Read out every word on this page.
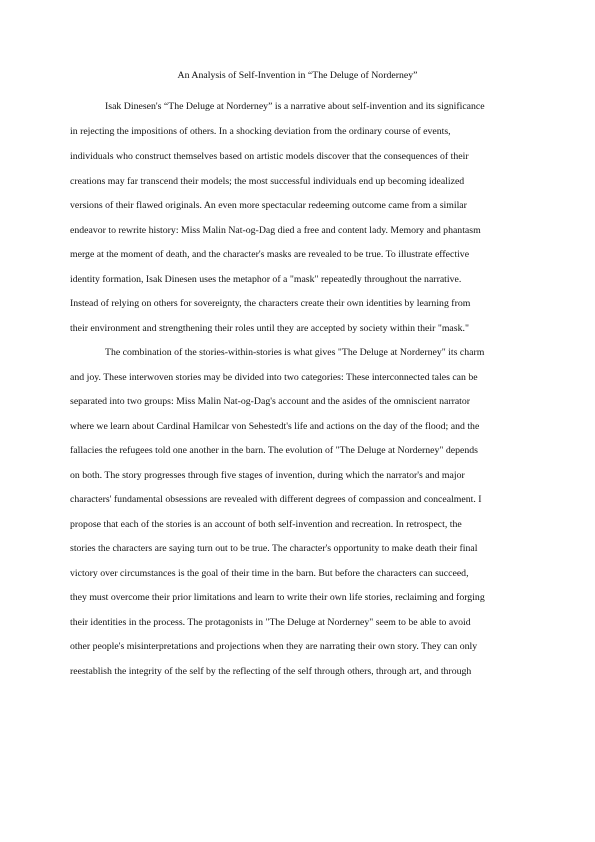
An Analysis of Self-Invention in “The Deluge of Norderney”
Isak Dinesen's “The Deluge at Norderney” is a narrative about self-invention and its significance
in rejecting the impositions of others. In a shocking deviation from the ordinary course of events,
individuals who construct themselves based on artistic models discover that the consequences of their
creations may far transcend their models; the most successful individuals end up becoming idealized
versions of their flawed originals. An even more spectacular redeeming outcome came from a similar
endeavor to rewrite history: Miss Malin Nat-og-Dag died a free and content lady. Memory and phantasm
merge at the moment of death, and the character's masks are revealed to be true. To illustrate effective
identity formation, Isak Dinesen uses the metaphor of a "mask" repeatedly throughout the narrative.
Instead of relying on others for sovereignty, the characters create their own identities by learning from
their environment and strengthening their roles until they are accepted by society within their "mask."
The combination of the stories-within-stories is what gives "The Deluge at Norderney" its charm
and joy. These interwoven stories may be divided into two categories: These interconnected tales can be
separated into two groups: Miss Malin Nat-og-Dag's account and the asides of the omniscient narrator
where we learn about Cardinal Hamilcar von Sehestedt's life and actions on the day of the flood; and the
fallacies the refugees told one another in the barn. The evolution of "The Deluge at Norderney" depends
on both. The story progresses through five stages of invention, during which the narrator's and major
characters' fundamental obsessions are revealed with different degrees of compassion and concealment. I
propose that each of the stories is an account of both self-invention and recreation. In retrospect, the
stories the characters are saying turn out to be true. The character's opportunity to make death their final
victory over circumstances is the goal of their time in the barn. But before the characters can succeed,
they must overcome their prior limitations and learn to write their own life stories, reclaiming and forging
their identities in the process. The protagonists in "The Deluge at Norderney" seem to be able to avoid
other people's misinterpretations and projections when they are narrating their own story. They can only
reestablish the integrity of the self by the reflecting of the self through others, through art, and through
